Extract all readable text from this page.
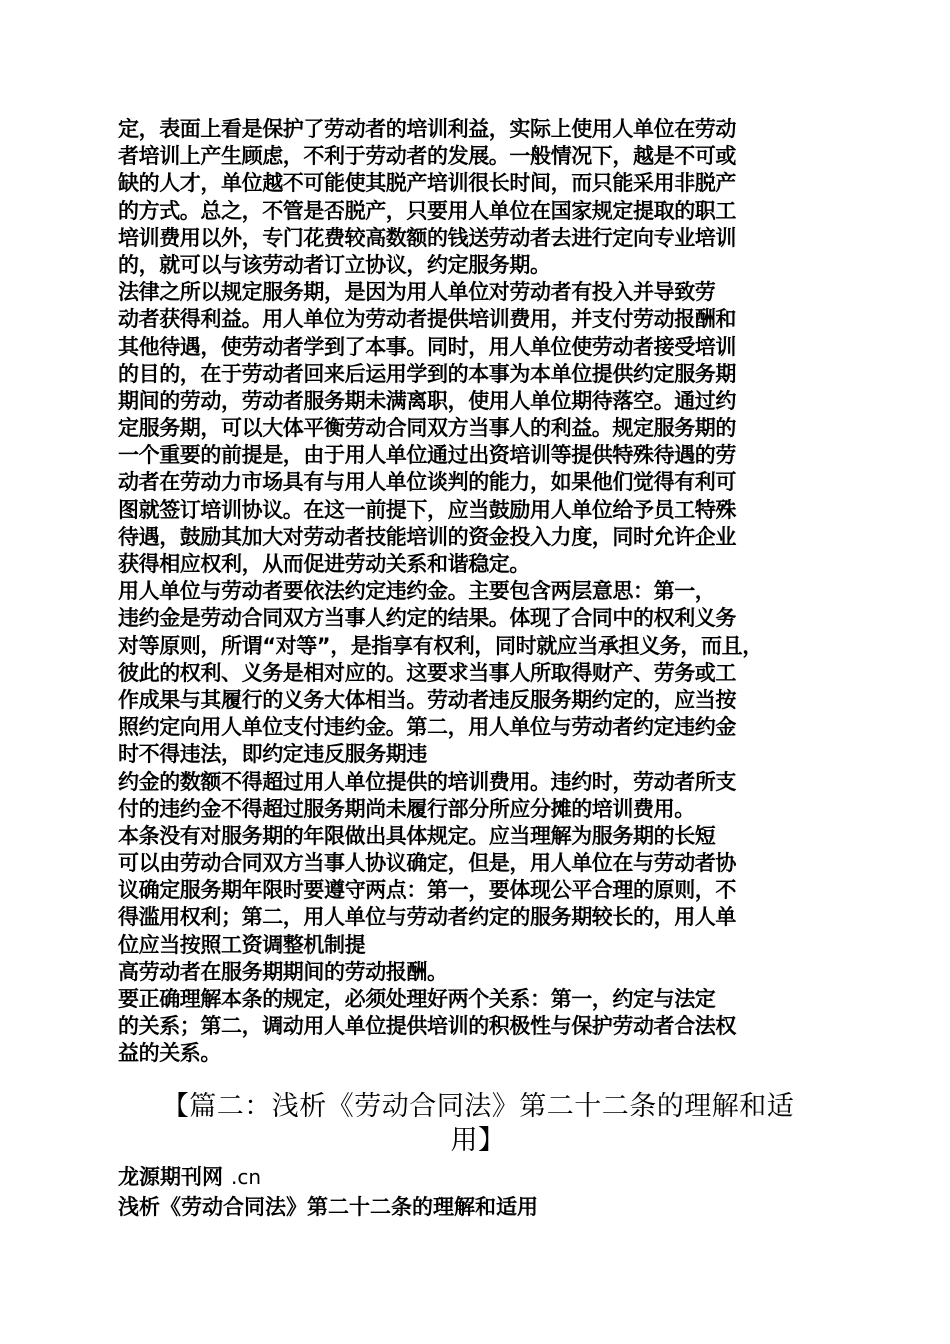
定，表面上看是保护了劳动者的培训利益，实际上使用人单位在劳动
者培训上产生顾虑，不利于劳动者的发展。一般情况下，越是不可或
缺的人才，单位越不可能使其脱产培训很长时间，而只能采用非脱产
的方式。总之，不管是否脱产，只要用人单位在国家规定提取的职工
培训费用以外，专门花费较高数额的钱送劳动者去进行定向专业培训
的，就可以与该劳动者订立协议，约定服务期。
法律之所以规定服务期，是因为用人单位对劳动者有投入并导致劳
动者获得利益。用人单位为劳动者提供培训费用，并支付劳动报酬和
其他待遇，使劳动者学到了本事。同时，用人单位使劳动者接受培训
的目的，在于劳动者回来后运用学到的本事为本单位提供约定服务期
期间的劳动，劳动者服务期未满离职，使用人单位期待落空。通过约
定服务期，可以大体平衡劳动合同双方当事人的利益。规定服务期的
一个重要的前提是，由于用人单位通过出资培训等提供特殊待遇的劳
动者在劳动力市场具有与用人单位谈判的能力，如果他们觉得有利可
图就签订培训协议。在这一前提下，应当鼓励用人单位给予员工特殊
待遇，鼓励其加大对劳动者技能培训的资金投入力度，同时允许企业
获得相应权利，从而促进劳动关系和谐稳定。
用人单位与劳动者要依法约定违约金。主要包含两层意思：第一，
违约金是劳动合同双方当事人约定的结果。体现了合同中的权利义务
对等原则，所谓“对等”，是指享有权利，同时就应当承担义务，而且，
彼此的权利、义务是相对应的。这要求当事人所取得财产、劳务或工
作成果与其履行的义务大体相当。劳动者违反服务期约定的，应当按
照约定向用人单位支付违约金。第二，用人单位与劳动者约定违约金
时不得违法，即约定违反服务期违
约金的数额不得超过用人单位提供的培训费用。违约时，劳动者所支
付的违约金不得超过服务期尚未履行部分所应分摊的培训费用。
本条没有对服务期的年限做出具体规定。应当理解为服务期的长短
可以由劳动合同双方当事人协议确定，但是，用人单位在与劳动者协
议确定服务期年限时要遵守两点：第一，要体现公平合理的原则，不
得滥用权利；第二，用人单位与劳动者约定的服务期较长的，用人单
位应当按照工资调整机制提
高劳动者在服务期期间的劳动报酬。
要正确理解本条的规定，必须处理好两个关系：第一，约定与法定
的关系；第二，调动用人单位提供培训的积极性与保护劳动者合法权
益的关系。
【篇二：浅析《劳动合同法》第二十二条的理解和适
用】
龙源期刊网 .cn
浅析《劳动合同法》第二十二条的理解和适用
